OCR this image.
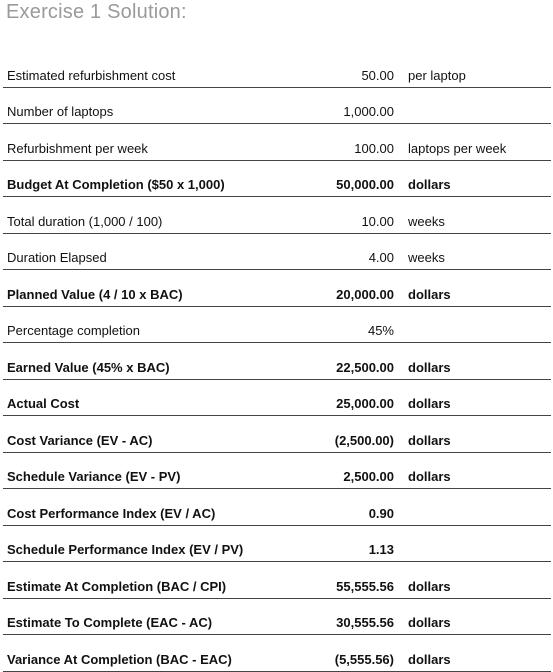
Exercise 1 Solution:
Estimated refurbishment cost	50.00 per laptop
Number of laptops	1,000.00
Refurbishment per week	100.00 laptops per week
Budget At Completion ($50 x 1,000)	50,000.00 dollars
Total duration (1,000 / 100)	10.00 weeks
Duration Elapsed	4.00 weeks
Planned Value (4 / 10 x BAC)	20,000.00 dollars
Percentage completion	45%
Earned Value (45% x BAC)	22,500.00 dollars
Actual Cost	25,000.00 dollars
Cost Variance (EV - AC)	(2,500.00) dollars
Schedule Variance (EV - PV)	2,500.00 dollars
Cost Performance Index (EV / AC)	0.90
Schedule Performance Index (EV / PV)	1.13
Estimate At Completion (BAC / CPI)	55,555.56 dollars
Estimate To Complete (EAC - AC)	30,555.56 dollars
Variance At Completion (BAC - EAC)	(5,555.56) dollars
